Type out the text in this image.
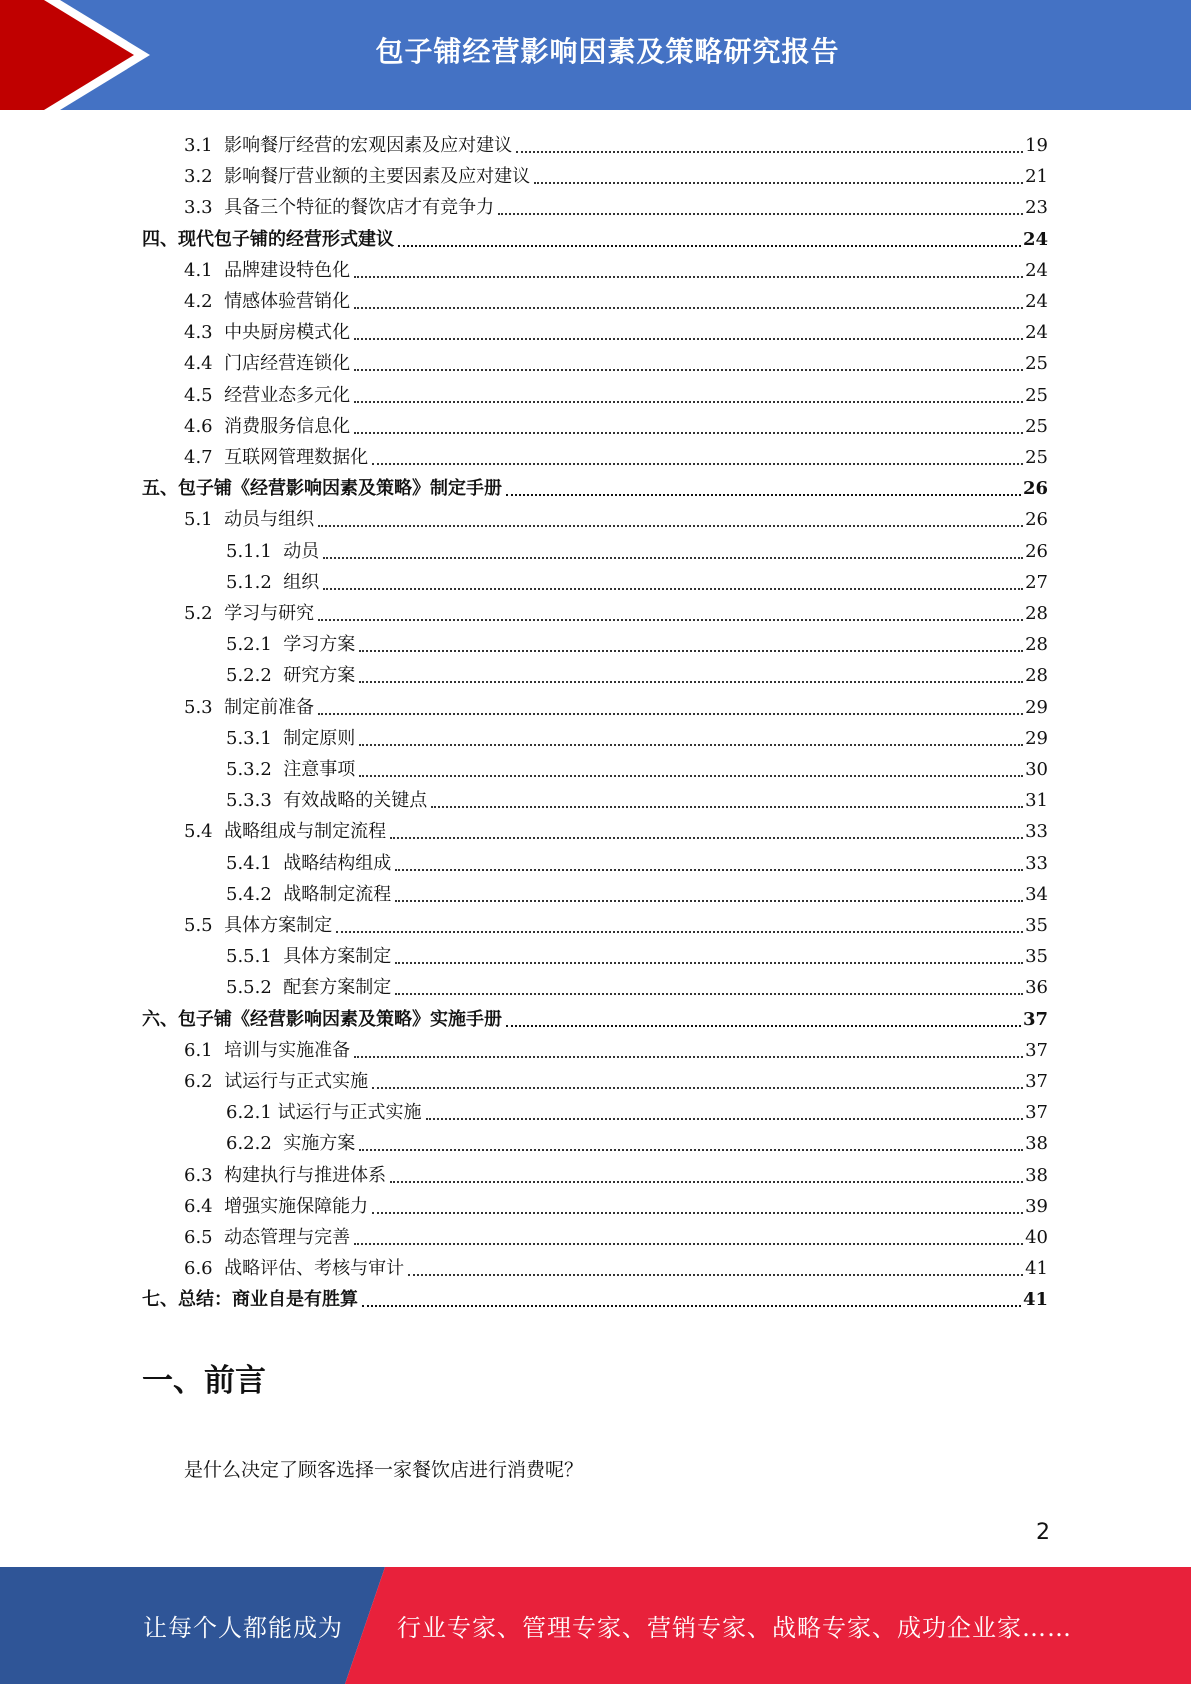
包子铺经营影响因素及策略研究报告
3.1  影响餐厅经营的宏观因素及应对建议	19
3.2  影响餐厅营业额的主要因素及应对建议	21
3.3  具备三个特征的餐饮店才有竞争力	23
四、现代包子铺的经营形式建议	24
4.1  品牌建设特色化	24
4.2  情感体验营销化	24
4.3  中央厨房模式化	24
4.4  门店经营连锁化	25
4.5  经营业态多元化	25
4.6  消费服务信息化	25
4.7  互联网管理数据化	25
五、包子铺《经营影响因素及策略》制定手册	26
5.1  动员与组织	26
5.1.1  动员	26
5.1.2  组织	27
5.2  学习与研究	28
5.2.1  学习方案	28
5.2.2  研究方案	28
5.3  制定前准备	29
5.3.1  制定原则	29
5.3.2  注意事项	30
5.3.3  有效战略的关键点	31
5.4  战略组成与制定流程	33
5.4.1  战略结构组成	33
5.4.2  战略制定流程	34
5.5  具体方案制定	35
5.5.1  具体方案制定	35
5.5.2  配套方案制定	36
六、包子铺《经营影响因素及策略》实施手册	37
6.1  培训与实施准备	37
6.2  试运行与正式实施	37
6.2.1 试运行与正式实施	37
6.2.2  实施方案	38
6.3  构建执行与推进体系	38
6.4  增强实施保障能力	39
6.5  动态管理与完善	40
6.6  战略评估、考核与审计	41
七、总结：商业自是有胜算	41
一、前言
是什么决定了顾客选择一家餐饮店进行消费呢？
2
让每个人都能成为 行业专家、管理专家、营销专家、战略专家、成功企业家……
